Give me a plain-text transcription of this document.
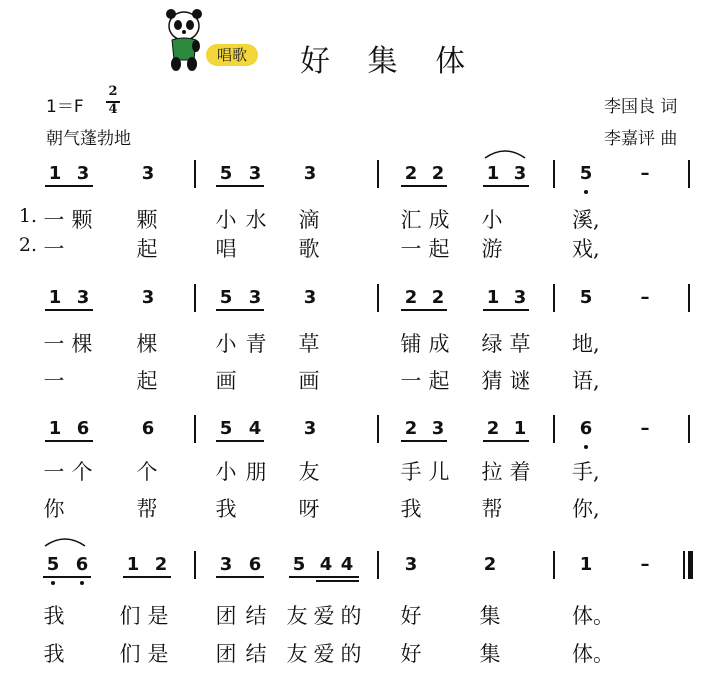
唱歌	好 集 体
1＝F
2
4
朝气蓬勃地
李国良 词
李嘉评 曲
1 3	3	5 3 3	2 2 1 3	5	–
1. 一 颗 颗	小 水 滴	汇 成 小	溪,
2. 一	起	唱	歌	一 起 游	戏,
1 3	3	5 3 3	2 2 1 3	5	–
一 棵 棵	小 青 草	铺 成 绿 草 地,
一	起	画	画	一 起 猜 谜 语,
1 6	6	5 4 3	2 3 2 1	6	–
一 个 个	小 朋 友	手 儿 拉 着 手,
你	帮	我	呀	我	帮	你,
5 6 1 2	3 6 5 4 4	3	2	1	–
我	们 是 团 结 友 爱 的 好	集	体。
我	们 是 团 结 友 爱 的 好	集	体。
